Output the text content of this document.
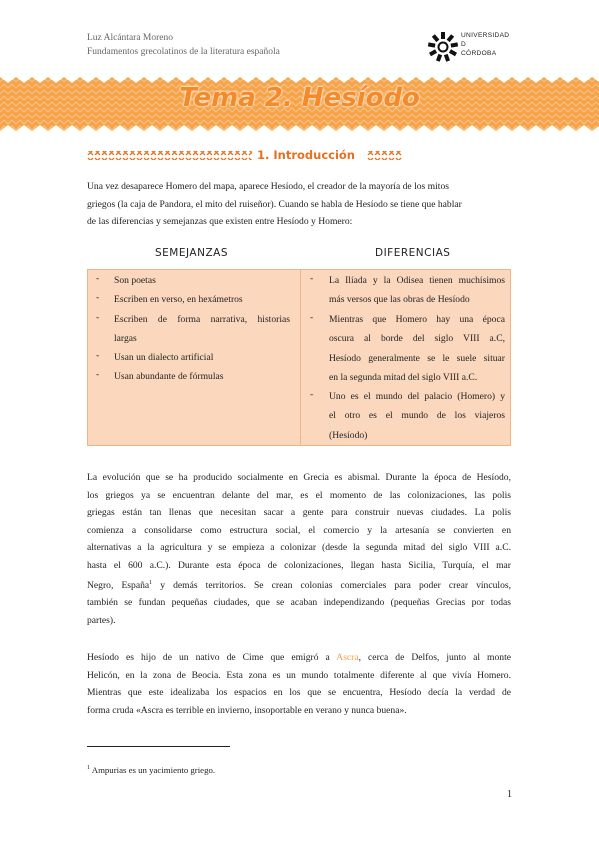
Luz Alcántara Moreno
Fundamentos grecolatinos de la literatura española
UNIVERSIDAD
D
CÓRDOBA
Tema 2. Hesíodo
1. Introducción
Una vez desaparece Homero del mapa, aparece Hesíodo, el creador de la mayoría de los mitos
griegos (la caja de Pandora, el mito del ruiseñor). Cuando se habla de Hesíodo se tiene que hablar
de las diferencias y semejanzas que existen entre Hesíodo y Homero:
SEMEJANZAS	DIFERENCIAS
- Son poetas
- Escriben en verso, en hexámetros
- Escriben de forma narrativa, historias
largas
- Usan un dialecto artificial
- Usan abundante de fórmulas
- La Ilíada y la Odisea tienen muchísimos
más versos que las obras de Hesíodo
- Mientras que Homero hay una época
oscura al borde del siglo VIII a.C,
Hesíodo generalmente se le suele situar
en la segunda mitad del siglo VIII a.C.
- Uno es el mundo del palacio (Homero) y
el otro es el mundo de los viajeros
(Hesíodo)
La evolución que se ha producido socialmente en Grecia es abismal. Durante la época de Hesíodo,
los griegos ya se encuentran delante del mar, es el momento de las colonizaciones, las polis
griegas están tan llenas que necesitan sacar a gente para construir nuevas ciudades. La polis
comienza a consolidarse como estructura social, el comercio y la artesanía se convierten en
alternativas a la agricultura y se empieza a colonizar (desde la segunda mitad del siglo VIII a.C.
hasta el 600 a.C.). Durante esta época de colonizaciones, llegan hasta Sicilia, Turquía, el mar
Negro, España$^1$ y demás territorios. Se crean colonias comerciales para poder crear vínculos,
también se fundan pequeñas ciudades, que se acaban independizando (pequeñas Grecias por todas
partes).
Hesíodo es hijo de un nativo de Cime que emigró a Ascra, cerca de Delfos, junto al monte
Helicón, en la zona de Beocia. Esta zona es un mundo totalmente diferente al que vivía Homero.
Mientras que este idealizaba los espacios en los que se encuentra, Hesíodo decía la verdad de
forma cruda «Ascra es terrible en invierno, insoportable en verano y nunca buena».
$^1$ Ampurias es un yacimiento griego.
1
